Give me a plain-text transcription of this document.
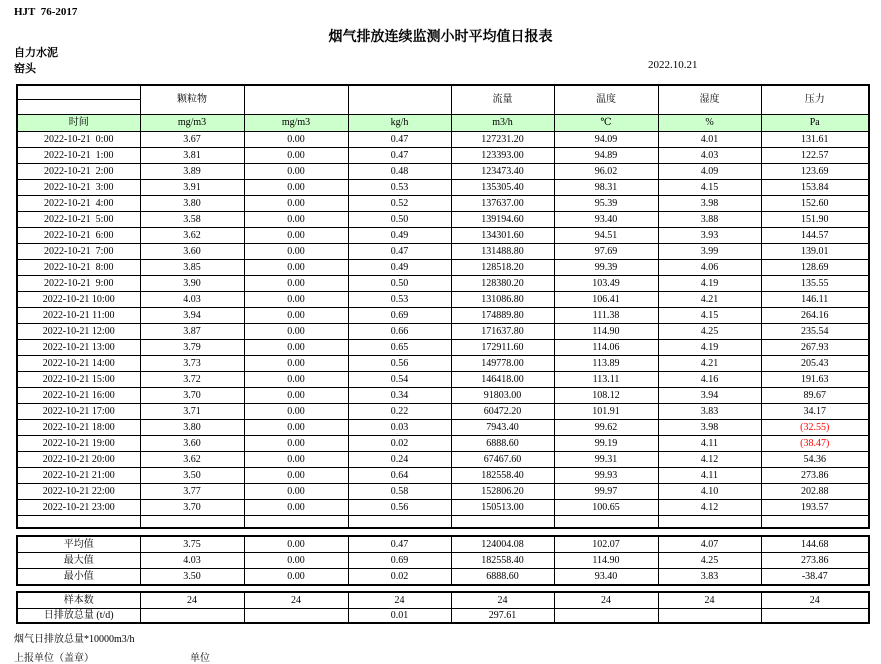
HJT  76-2017
烟气排放连续监测小时平均值日报表
自力水泥
窑头	2022.10.21
	颗粒物			流量	温度	湿度	压力
时间	mg/m3	mg/m3	kg/h	m3/h	℃	%	Pa
2022-10-21  0:00	3.67	0.00	0.47	127231.20	94.09	4.01	131.61
2022-10-21  1:00	3.81	0.00	0.47	123393.00	94.89	4.03	122.57
2022-10-21  2:00	3.89	0.00	0.48	123473.40	96.02	4.09	123.69
2022-10-21  3:00	3.91	0.00	0.53	135305.40	98.31	4.15	153.84
2022-10-21  4:00	3.80	0.00	0.52	137637.00	95.39	3.98	152.60
2022-10-21  5:00	3.58	0.00	0.50	139194.60	93.40	3.88	151.90
2022-10-21  6:00	3.62	0.00	0.49	134301.60	94.51	3.93	144.57
2022-10-21  7:00	3.60	0.00	0.47	131488.80	97.69	3.99	139.01
2022-10-21  8:00	3.85	0.00	0.49	128518.20	99.39	4.06	128.69
2022-10-21  9:00	3.90	0.00	0.50	128380.20	103.49	4.19	135.55
2022-10-21 10:00	4.03	0.00	0.53	131086.80	106.41	4.21	146.11
2022-10-21 11:00	3.94	0.00	0.69	174889.80	111.38	4.15	264.16
2022-10-21 12:00	3.87	0.00	0.66	171637.80	114.90	4.25	235.54
2022-10-21 13:00	3.79	0.00	0.65	172911.60	114.06	4.19	267.93
2022-10-21 14:00	3.73	0.00	0.56	149778.00	113.89	4.21	205.43
2022-10-21 15:00	3.72	0.00	0.54	146418.00	113.11	4.16	191.63
2022-10-21 16:00	3.70	0.00	0.34	91803.00	108.12	3.94	89.67
2022-10-21 17:00	3.71	0.00	0.22	60472.20	101.91	3.83	34.17
2022-10-21 18:00	3.80	0.00	0.03	7943.40	99.62	3.98	(32.55)
2022-10-21 19:00	3.60	0.00	0.02	6888.60	99.19	4.11	(38.47)
2022-10-21 20:00	3.62	0.00	0.24	67467.60	99.31	4.12	54.36
2022-10-21 21:00	3.50	0.00	0.64	182558.40	99.93	4.11	273.86
2022-10-21 22:00	3.77	0.00	0.58	152806.20	99.97	4.10	202.88
2022-10-21 23:00	3.70	0.00	0.56	150513.00	100.65	4.12	193.57

平均值	3.75	0.00	0.47	124004.08	102.07	4.07	144.68
最大值	4.03	0.00	0.69	182558.40	114.90	4.25	273.86
最小值	3.50	0.00	0.02	6888.60	93.40	3.83	-38.47
样本数	24	24	24	24	24	24	24
日排放总量 (t/d)			0.01	297.61			
烟气日排放总量*10000m3/h
上报单位（盖章）	单位
